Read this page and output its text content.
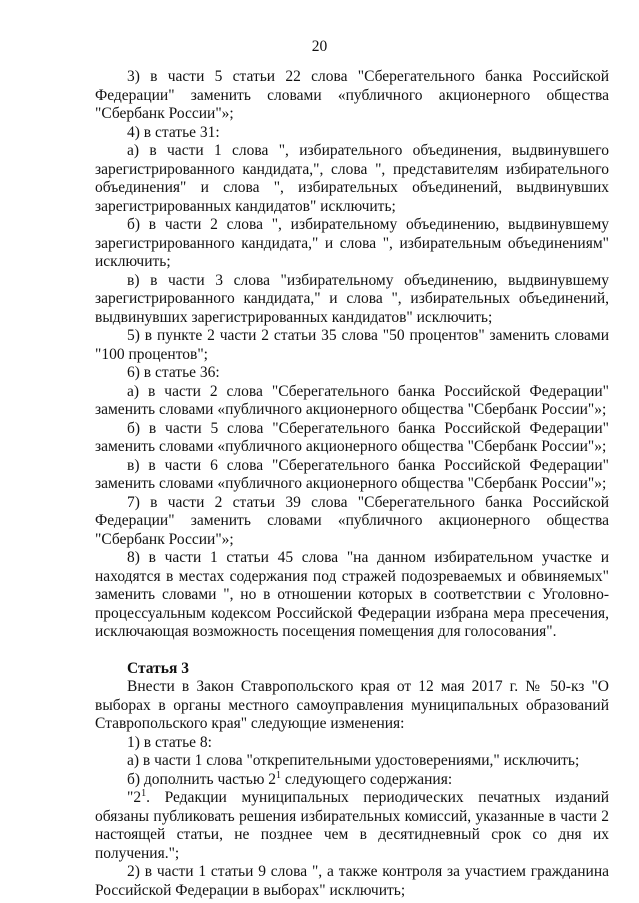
20

3) в части 5 статьи 22 слова "Сберегательного банка Российской Федерации" заменить словами «публичного акционерного общества "Сбербанк России"»;

4) в статье 31:

а) в части 1 слова ", избирательного объединения, выдвинувшего зарегистрированного кандидата,", слова ", представителям избирательного объединения" и слова ", избирательных объединений, выдвинувших зарегистрированных кандидатов" исключить;

б) в части 2 слова ", избирательному объединению, выдвинувшему зарегистрированного кандидата," и слова ", избирательным объединениям" исключить;

в) в части 3 слова "избирательному объединению, выдвинувшему зарегистрированного кандидата," и слова ", избирательных объединений, выдвинувших зарегистрированных кандидатов" исключить;

5) в пункте 2 части 2 статьи 35 слова "50 процентов" заменить словами "100 процентов";

6) в статье 36:

а) в части 2 слова "Сберегательного банка Российской Федерации" заменить словами «публичного акционерного общества "Сбербанк России"»;

б) в части 5 слова "Сберегательного банка Российской Федерации" заменить словами «публичного акционерного общества "Сбербанк России"»;

в) в части 6 слова "Сберегательного банка Российской Федерации" заменить словами «публичного акционерного общества "Сбербанк России"»;

7) в части 2 статьи 39 слова "Сберегательного банка Российской Федерации" заменить словами «публичного акционерного общества "Сбербанк России"»;

8) в части 1 статьи 45 слова "на данном избирательном участке и находятся в местах содержания под стражей подозреваемых и обвиняемых" заменить словами ", но в отношении которых в соответствии с Уголовно-процессуальным кодексом Российской Федерации избрана мера пресечения, исключающая возможность посещения помещения для голосования".

Статья 3

Внести в Закон Ставропольского края от 12 мая 2017 г. № 50-кз "О выборах в органы местного самоуправления муниципальных образований Ставропольского края" следующие изменения:

1) в статье 8:

а) в части 1 слова "открепительными удостоверениями," исключить;

б) дополнить частью $2^1$ следующего содержания:

"$2^1$. Редакции муниципальных периодических печатных изданий обязаны публиковать решения избирательных комиссий, указанные в части 2 настоящей статьи, не позднее чем в десятидневный срок со дня их получения.";

2) в части 1 статьи 9 слова ", а также контроля за участием гражданина Российской Федерации в выборах" исключить;
